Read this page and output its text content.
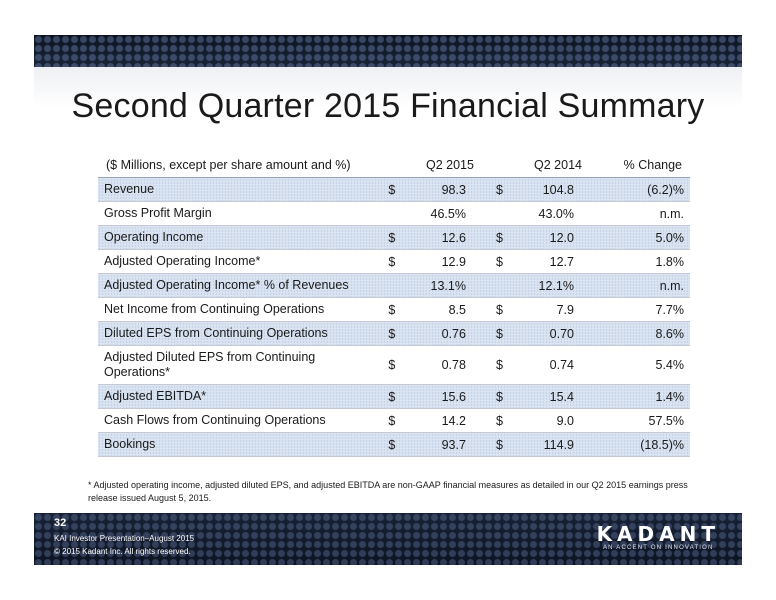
Second Quarter 2015 Financial Summary
($ Millions, except per share amount and %)	Q2 2015	Q2 2014	% Change
Revenue	$ 98.3	$ 104.8	(6.2)%
Gross Profit Margin	46.5%	43.0%	n.m.
Operating Income	$ 12.6	$ 12.0	5.0%
Adjusted Operating Income*	$ 12.9	$ 12.7	1.8%
Adjusted Operating Income* % of Revenues	13.1%	12.1%	n.m.
Net Income from Continuing Operations	$ 8.5	$ 7.9	7.7%
Diluted EPS from Continuing Operations	$ 0.76	$ 0.70	8.6%
Adjusted Diluted EPS from Continuing Operations*	$ 0.78	$ 0.74	5.4%
Adjusted EBITDA*	$ 15.6	$ 15.4	1.4%
Cash Flows from Continuing Operations	$ 14.2	$ 9.0	57.5%
Bookings	$ 93.7	$ 114.9	(18.5)%
* Adjusted operating income, adjusted diluted EPS, and adjusted EBITDA are non-GAAP financial measures as detailed in our Q2 2015 earnings press release issued August 5, 2015.
32
KAI Investor Presentation–August 2015
© 2015 Kadant Inc. All rights reserved.
KADANT
AN ACCENT ON INNOVATION
